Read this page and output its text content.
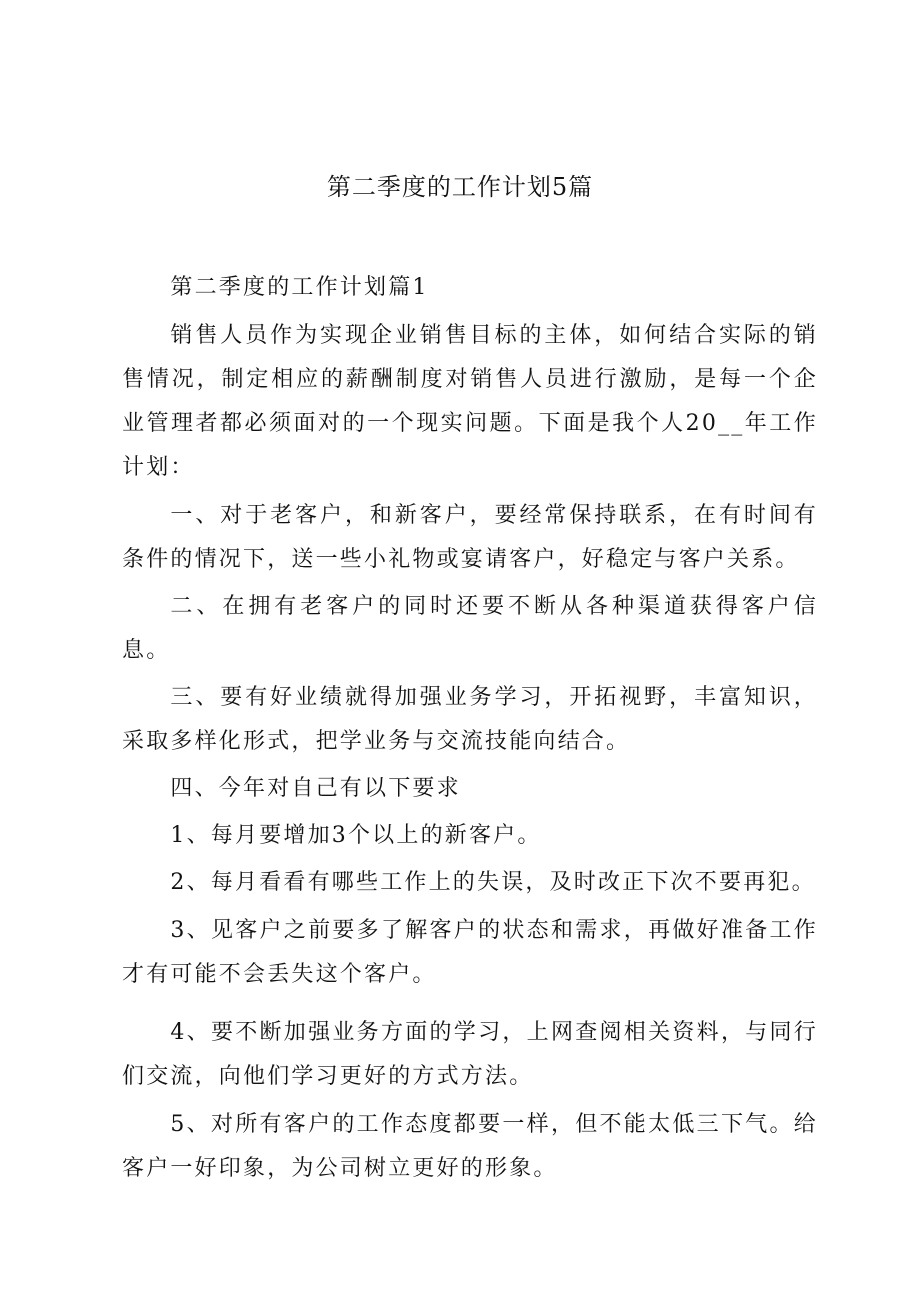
第二季度的工作计划5篇

第二季度的工作计划篇1

销售人员作为实现企业销售目标的主体，如何结合实际的销售情况，制定相应的薪酬制度对销售人员进行激励，是每一个企业管理者都必须面对的一个现实问题。下面是我个人20__年工作计划：

一、对于老客户，和新客户，要经常保持联系，在有时间有条件的情况下，送一些小礼物或宴请客户，好稳定与客户关系。

二、在拥有老客户的同时还要不断从各种渠道获得客户信息。

三、要有好业绩就得加强业务学习，开拓视野，丰富知识，采取多样化形式，把学业务与交流技能向结合。

四、今年对自己有以下要求

1、每月要增加3个以上的新客户。

2、每月看看有哪些工作上的失误，及时改正下次不要再犯。

3、见客户之前要多了解客户的状态和需求，再做好准备工作才有可能不会丢失这个客户。

4、要不断加强业务方面的学习，上网查阅相关资料，与同行们交流，向他们学习更好的方式方法。

5、对所有客户的工作态度都要一样，但不能太低三下气。给客户一好印象，为公司树立更好的形象。
